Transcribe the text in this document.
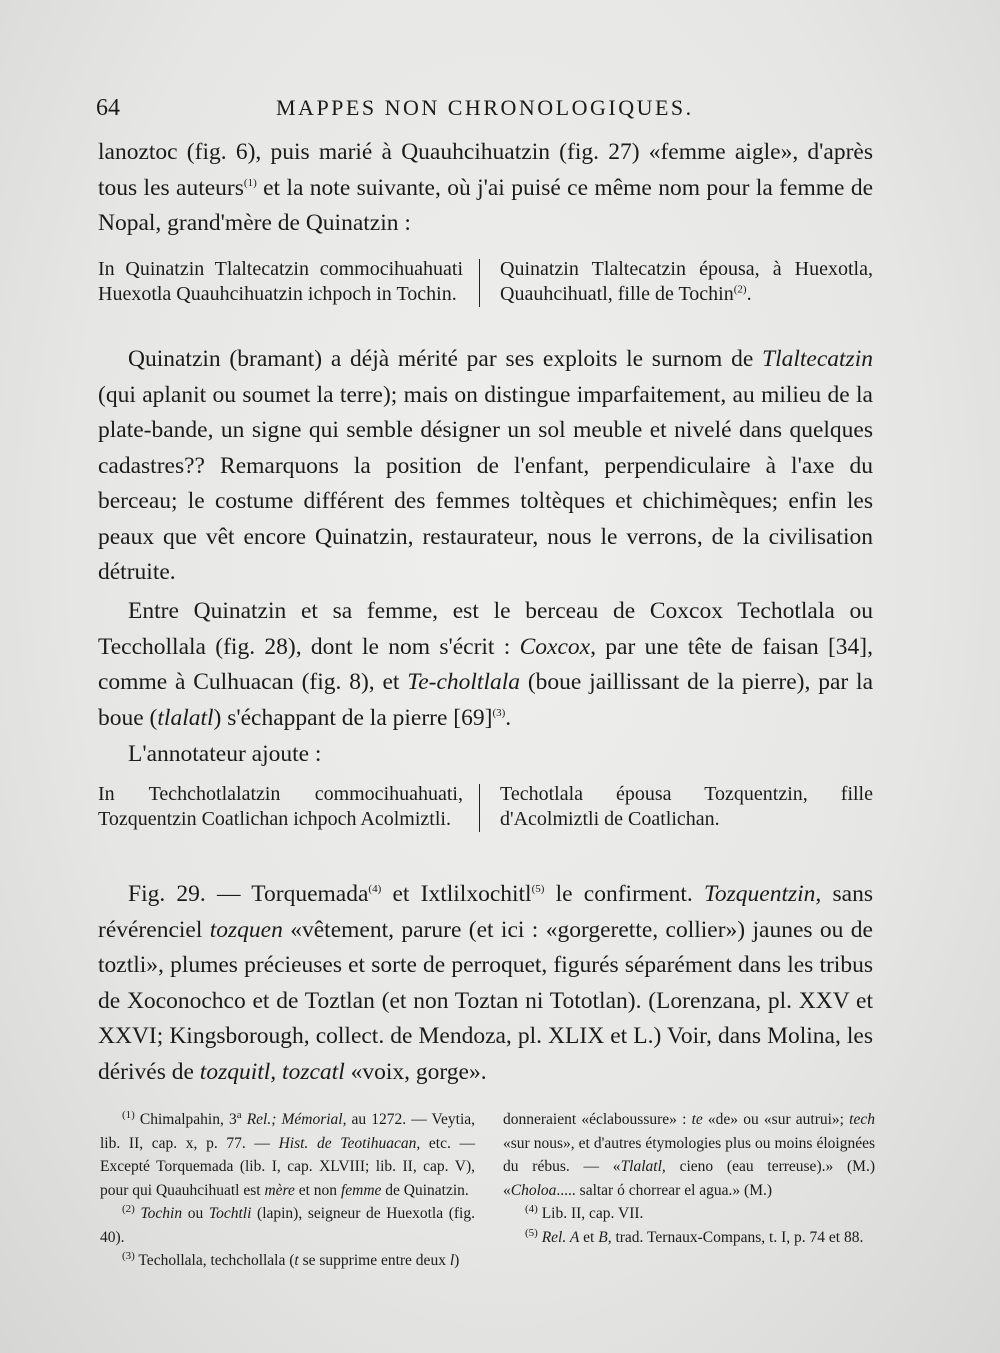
64	MAPPES NON CHRONOLOGIQUES.

lanoztoc (fig. 6), puis marié à Quauhcihuatzin (fig. 27) «femme aigle», d'après tous les auteurs$^{(1)}$ et la note suivante, où j'ai puisé ce même nom pour la femme de Nopal, grand'mère de Quinatzin :

In Quinatzin Tlaltecatzin commocihuahuati Huexotla Quauhcihuatzin ichpoch in Tochin.
Quinatzin Tlaltecatzin épousa, à Huexotla, Quauhcihuatl, fille de Tochin$^{(2)}$.

Quinatzin (bramant) a déjà mérité par ses exploits le surnom de Tlaltecatzin (qui aplanit ou soumet la terre); mais on distingue imparfaitement, au milieu de la plate-bande, un signe qui semble désigner un sol meuble et nivelé dans quelques cadastres?? Remarquons la position de l'enfant, perpendiculaire à l'axe du berceau; le costume différent des femmes toltèques et chichimèques; enfin les peaux que vêt encore Quinatzin, restaurateur, nous le verrons, de la civilisation détruite.

Entre Quinatzin et sa femme, est le berceau de Coxcox Techotlala ou Tecchollala (fig. 28), dont le nom s'écrit : Coxcox, par une tête de faisan [34], comme à Culhuacan (fig. 8), et Te-choltlala (boue jaillissant de la pierre), par la boue (tlalatl) s'échappant de la pierre $[69]^{(3)}$.

L'annotateur ajoute :

In Techchotlalatzin commocihuahuati, Tozquentzin Coatlichan ichpoch Acolmiztli.
Techotlala épousa Tozquentzin, fille d'Acolmiztli de Coatlichan.

Fig. 29. — Torquemada$^{(4)}$ et Ixtlilxochitl$^{(5)}$ le confirment. Tozquentzin, sans révérenciel tozquen «vêtement, parure (et ici : «gorgerette, collier») jaunes ou de toztli», plumes précieuses et sorte de perroquet, figurés séparément dans les tribus de Xoconochco et de Toztlan (et non Toztan ni Tototlan). (Lorenzana, pl. XXV et XXVI; Kingsborough, collect. de Mendoza, pl. XLIX et L.) Voir, dans Molina, les dérivés de tozquitl, tozcatl «voix, gorge».

$^{(1)}$ Chimalpahin, 3$^a$ Rel.; Mémorial, au 1272. — Veytia, lib. II, cap. x, p. 77. — Hist. de Teotihuacan, etc. — Excepté Torquemada (lib. I, cap. XLVIII; lib. II, cap. V), pour qui Quauhcihuatl est mère et non femme de Quinatzin.

$^{(2)}$ Tochin ou Tochtli (lapin), seigneur de Huexotla (fig. 40).

$^{(3)}$ Techollala, techchollala (t se supprime entre deux l)

donneraient «éclaboussure» : te «de» ou «sur autrui»; tech «sur nous», et d'autres étymologies plus ou moins éloignées du rébus. — «Tlalatl, cieno (eau terreuse).» (M.) «Choloa..... saltar ó chorrear el agua.» (M.)

$^{(4)}$ Lib. II, cap. VII.

$^{(5)}$ Rel. A et B, trad. Ternaux-Compans, t. I, p. 74 et 88.
